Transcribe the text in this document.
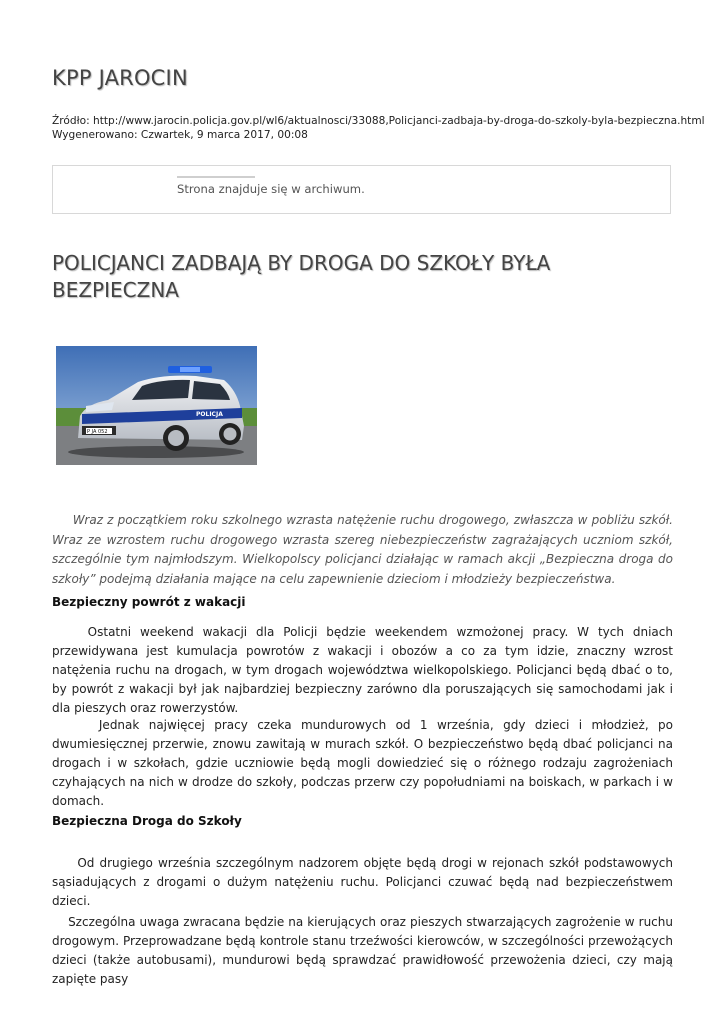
KPP JAROCIN
Źródło: http://www.jarocin.policja.gov.pl/wl6/aktualnosci/33088,Policjanci-zadbaja-by-droga-do-szkoly-byla-bezpieczna.html
Wygenerowano: Czwartek, 9 marca 2017, 00:08
Strona znajduje się w archiwum.
POLICJANCI ZADBAJĄ BY DROGA DO SZKOŁY BYŁA BEZPIECZNA
POLICJA
P JA 052

Wraz z początkiem roku szkolnego wzrasta natężenie ruchu drogowego, zwłaszcza w pobliżu szkół. Wraz ze wzrostem ruchu drogowego wzrasta szereg niebezpieczeństw zagrażających uczniom szkół, szczególnie tym najmłodszym. Wielkopolscy policjanci działając w ramach akcji „Bezpieczna droga do szkoły” podejmą działania mające na celu zapewnienie dzieciom i młodzieży bezpieczeństwa.

Bezpieczny powrót z wakacji

Ostatni weekend wakacji dla Policji będzie weekendem wzmożonej pracy. W tych dniach przewidywana jest kumulacja powrotów z wakacji i obozów a co za tym idzie, znaczny wzrost natężenia ruchu na drogach, w tym drogach województwa wielkopolskiego. Policjanci będą dbać o to, by powrót z wakacji był jak najbardziej bezpieczny zarówno dla poruszających się samochodami jak i dla pieszych oraz rowerzystów.

Jednak najwięcej pracy czeka mundurowych od 1 września, gdy dzieci i młodzież, po dwumiesięcznej przerwie, znowu zawitają w murach szkół. O bezpieczeństwo będą dbać policjanci na drogach i w szkołach, gdzie uczniowie będą mogli dowiedzieć się o różnego rodzaju zagrożeniach czyhających na nich w drodze do szkoły, podczas przerw czy popołudniami na boiskach, w parkach i w domach.

Bezpieczna Droga do Szkoły

Od drugiego września szczególnym nadzorem objęte będą drogi w rejonach szkół podstawowych sąsiadujących z drogami o dużym natężeniu ruchu. Policjanci czuwać będą nad bezpieczeństwem dzieci.

Szczególna uwaga zwracana będzie na kierujących oraz pieszych stwarzających zagrożenie w ruchu drogowym. Przeprowadzane będą kontrole stanu trzeźwości kierowców, w szczególności przewożących dzieci (także autobusami), mundurowi będą sprawdzać prawidłowość przewożenia dzieci, czy mają zapięte pasy
